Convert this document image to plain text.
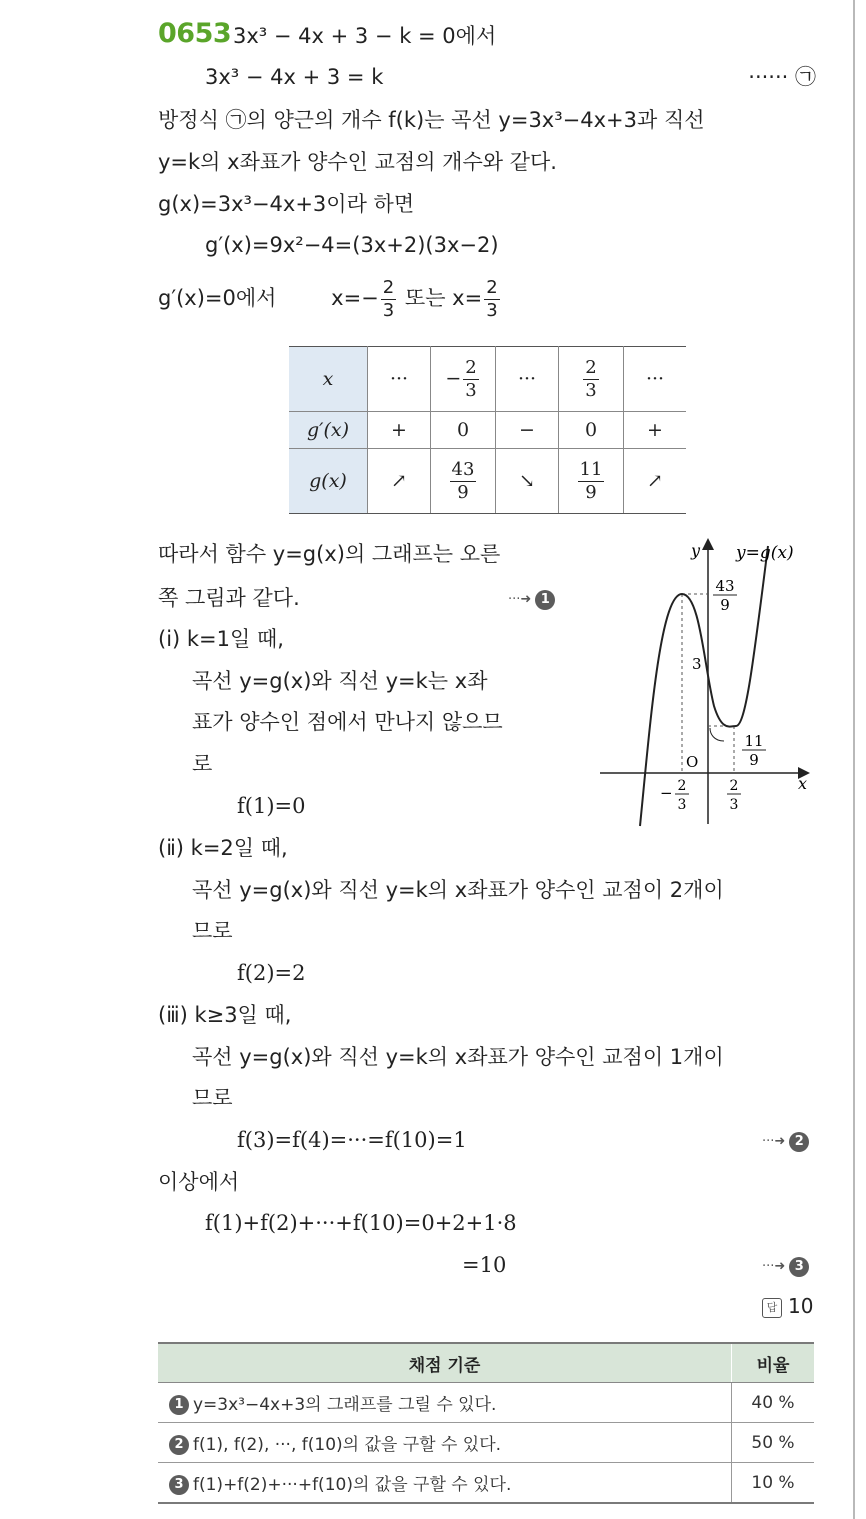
0653 3x³ − 4x + 3 − k = 0에서
3x³ − 4x + 3 = k	······ ㉠
방정식 ㉠의 양근의 개수 f(k)는 곡선 y=3x³−4x+3과 직선
y=k의 x좌표가 양수인 교점의 개수와 같다.
g(x)=3x³−4x+3이라 하면
g′(x)=9x²−4=(3x+2)(3x−2)
g′(x)=0에서	$x=- \frac{2}{3}$ 또는 $x= \frac{2}{3}$
x	···	− $\frac{2}{3}$	···	$\frac{2}{3}$	···
g′(x)	+	0	−	0	+
g(x)	↗	$\frac{43}{9}$	↘	$\frac{11}{9}$	↗
따라서 함수 y=g(x)의 그래프는 오른
쪽 그림과 같다.	···➜ 1
(ⅰ) k=1일 때,
곡선 y=g(x)와 직선 y=k는 x좌
표가 양수인 점에서 만나지 않으므
로
f(1)=0
(ⅱ) k=2일 때,
곡선 y=g(x)와 직선 y=k의 x좌표가 양수인 교점이 2개이
므로
f(2)=2
(ⅲ) k≥3일 때,
곡선 y=g(x)와 직선 y=k의 x좌표가 양수인 교점이 1개이
므로
f(3)=f(4)=···=f(10)=1	···➜ 2
이상에서
f(1)+f(2)+···+f(10)=0+2+1·8
=10	···➜ 3
답 10
y y=g(x)
x
3
O
43
9
11
9
− 2
3
2
3
채점 기준	비율
1 y=3x³−4x+3의 그래프를 그릴 수 있다.	40 %
2 f(1), f(2), ···, f(10)의 값을 구할 수 있다.	50 %
3 f(1)+f(2)+···+f(10)의 값을 구할 수 있다.	10 %
